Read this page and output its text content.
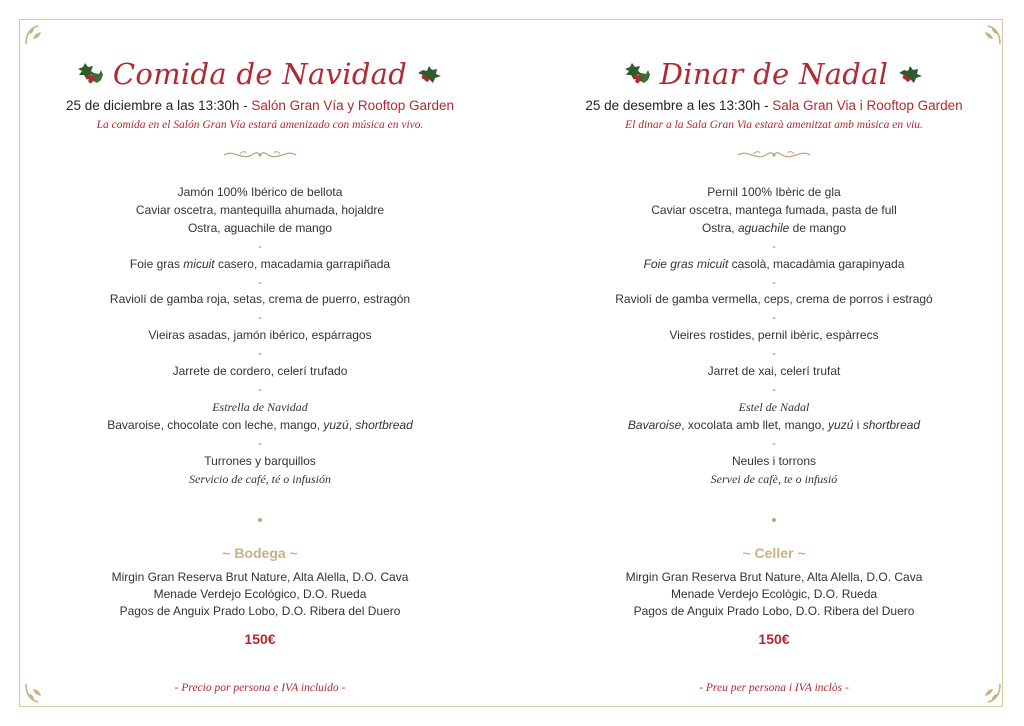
Comida de Navidad
25 de diciembre a las 13:30h - Salón Gran Vía y Rooftop Garden
La comida en el Salón Gran Vía estará amenizado con música en vivo.
Jamón 100% Ibérico de bellota
Caviar oscetra, mantequilla ahumada, hojaldre
Ostra, aguachile de mango
-
Foie gras micuit casero, macadamia garrapiñada
-
Raviolí de gamba roja, setas, crema de puerro, estragón
-
Vieiras asadas, jamón ibérico, espárragos
-
Jarrete de cordero, celerí trufado
-
Estrella de Navidad
Bavaroise, chocolate con leche, mango, yuzú, shortbread
-
Turrones y barquillos
Servicio de café, té o infusión
~ Bodega ~
Mirgin Gran Reserva Brut Nature, Alta Alella, D.O. Cava
Menade Verdejo Ecológico, D.O. Rueda
Pagos de Anguix Prado Lobo, D.O. Ribera del Duero
150€
- Precio por persona e IVA incluido -
Dinar de Nadal
25 de desembre a les 13:30h - Sala Gran Via i Rooftop Garden
El dinar a la Sala Gran Via estarà amenitzat amb música en viu.
Pernil 100% Ibèric de gla
Caviar oscetra, mantega fumada, pasta de full
Ostra, aguachile de mango
-
Foie gras micuit casolà, macadàmia garapinyada
-
Raviolí de gamba vermella, ceps, crema de porros i estragó
-
Vieires rostides, pernil ibèric, espàrrecs
-
Jarret de xai, celerí trufat
-
Estel de Nadal
Bavaroise, xocolata amb llet, mango, yuzú i shortbread
-
Neules i torrons
Servei de cafè, te o infusió
~ Celler ~
Mirgin Gran Reserva Brut Nature, Alta Alella, D.O. Cava
Menade Verdejo Ecològic, D.O. Rueda
Pagos de Anguix Prado Lobo, D.O. Ribera del Duero
150€
- Preu per persona i IVA inclòs -
